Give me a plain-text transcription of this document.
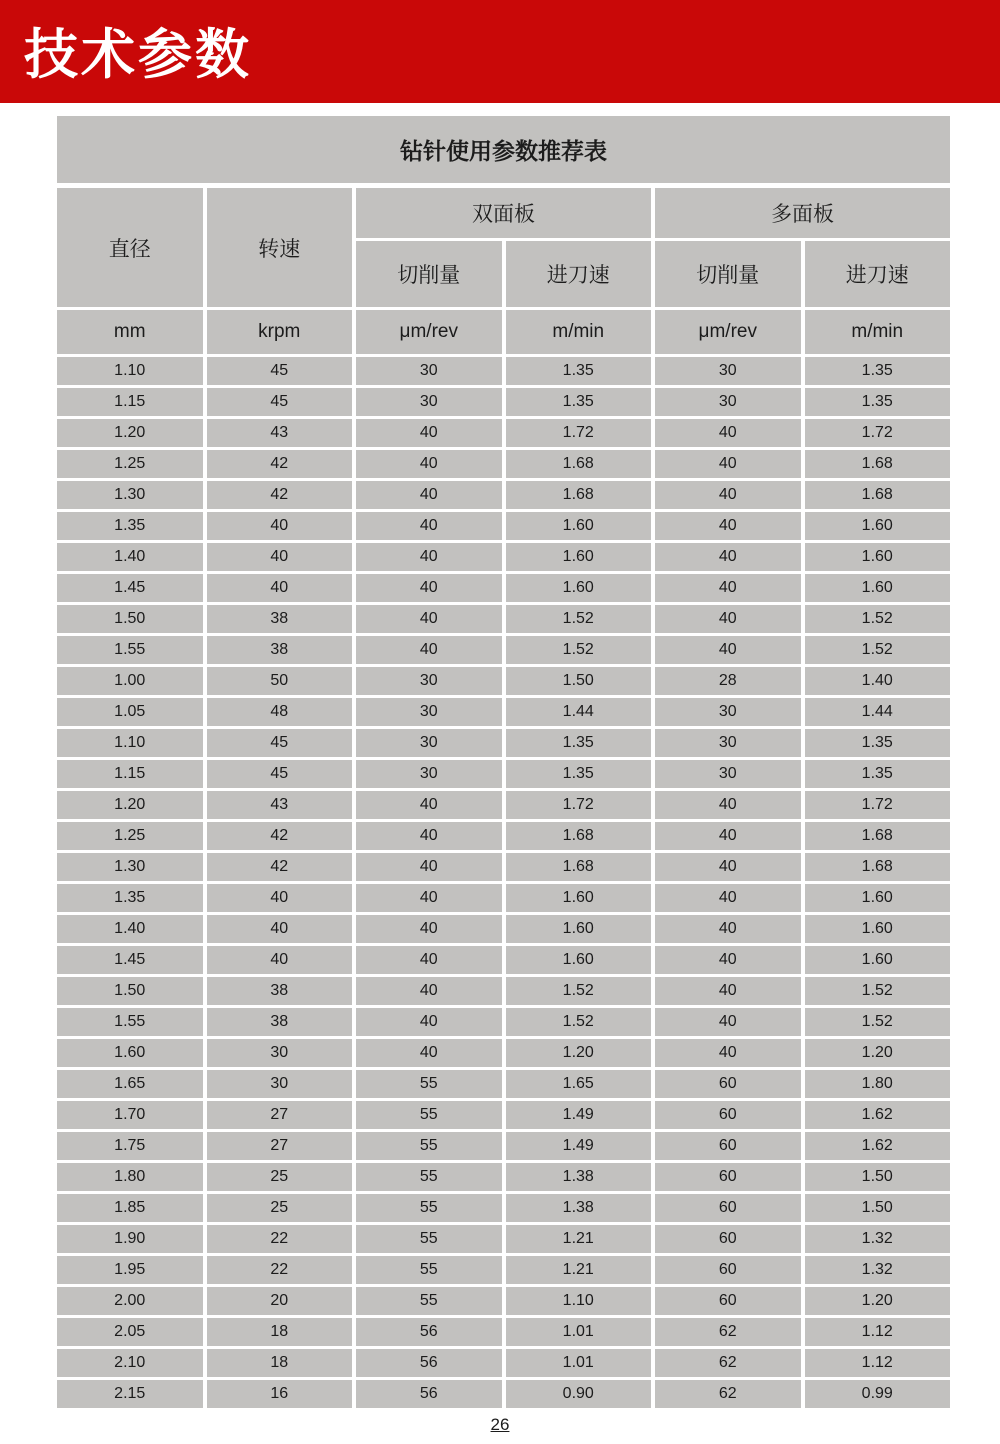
技术参数
钻针使用参数推荐表
直径	转速
双面板	多面板
切削量	进刀速	切削量	进刀速
mm	krpm	μm/rev	m/min	μm/rev	m/min
1.10	45	30	1.35	30	1.35
1.15	45	30	1.35	30	1.35
1.20	43	40	1.72	40	1.72
1.25	42	40	1.68	40	1.68
1.30	42	40	1.68	40	1.68
1.35	40	40	1.60	40	1.60
1.40	40	40	1.60	40	1.60
1.45	40	40	1.60	40	1.60
1.50	38	40	1.52	40	1.52
1.55	38	40	1.52	40	1.52
1.00	50	30	1.50	28	1.40
1.05	48	30	1.44	30	1.44
1.10	45	30	1.35	30	1.35
1.15	45	30	1.35	30	1.35
1.20	43	40	1.72	40	1.72
1.25	42	40	1.68	40	1.68
1.30	42	40	1.68	40	1.68
1.35	40	40	1.60	40	1.60
1.40	40	40	1.60	40	1.60
1.45	40	40	1.60	40	1.60
1.50	38	40	1.52	40	1.52
1.55	38	40	1.52	40	1.52
1.60	30	40	1.20	40	1.20
1.65	30	55	1.65	60	1.80
1.70	27	55	1.49	60	1.62
1.75	27	55	1.49	60	1.62
1.80	25	55	1.38	60	1.50
1.85	25	55	1.38	60	1.50
1.90	22	55	1.21	60	1.32
1.95	22	55	1.21	60	1.32
2.00	20	55	1.10	60	1.20
2.05	18	56	1.01	62	1.12
2.10	18	56	1.01	62	1.12
2.15	16	56	0.90	62	0.99
26
